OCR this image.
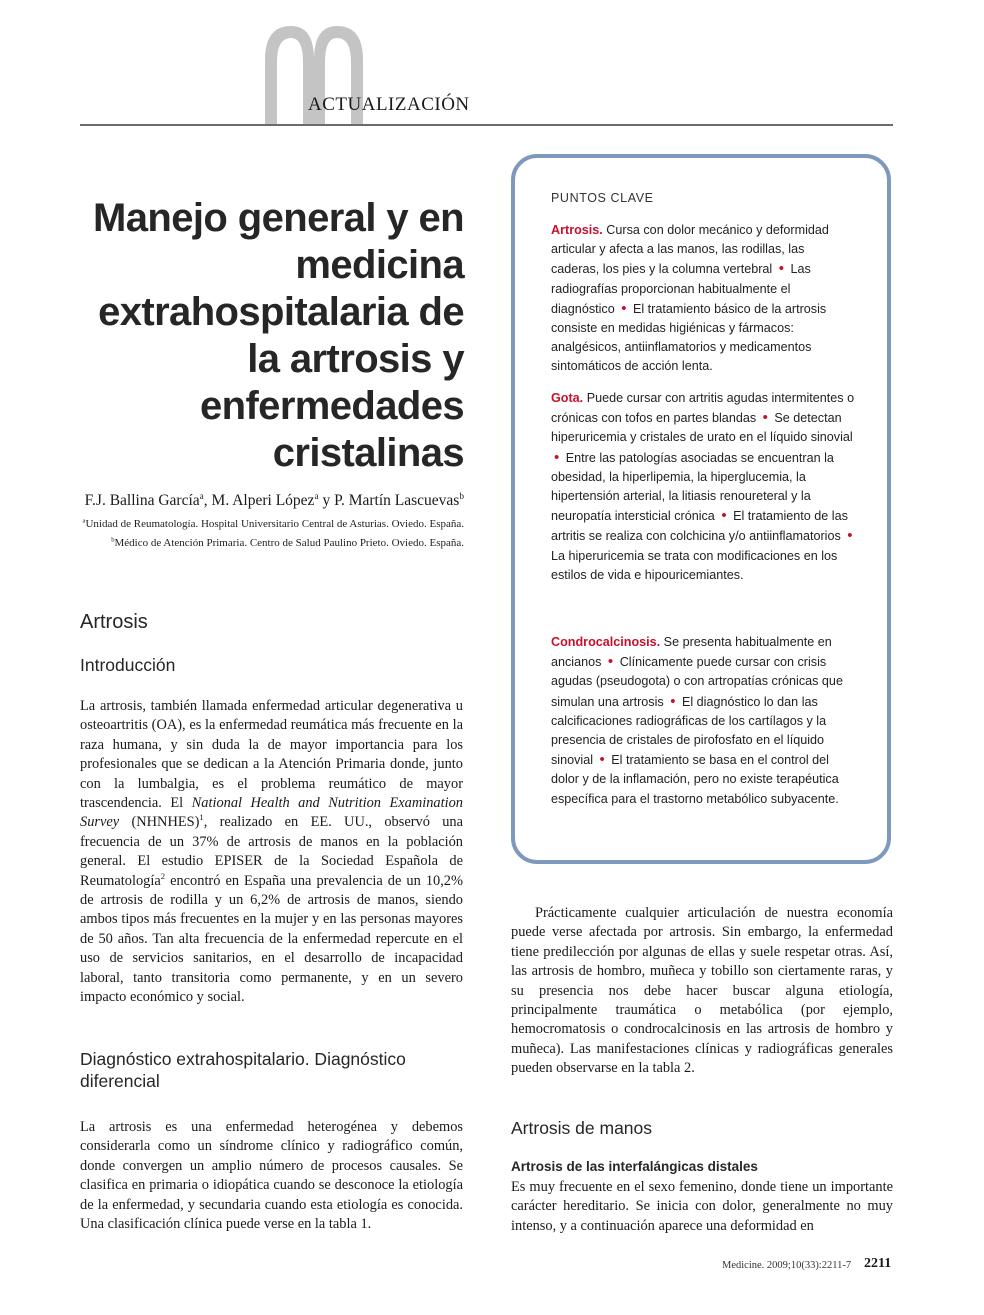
ACTUALIZACIÓN
Manejo general y en medicina extrahospitalaria de la artrosis y enfermedades cristalinas
F.J. Ballina García$^a$, M. Alperi López$^a$ y P. Martín Lascuevas$^b$
$^a$Unidad de Reumatología. Hospital Universitario Central de Asturias. Oviedo. España.
$^b$Médico de Atención Primaria. Centro de Salud Paulino Prieto. Oviedo. España.
Artrosis
Introducción
La artrosis, también llamada enfermedad articular degenerativa u osteoartritis (OA), es la enfermedad reumática más frecuente en la raza humana, y sin duda la de mayor importancia para los profesionales que se dedican a la Atención Primaria donde, junto con la lumbalgia, es el problema reumático de mayor trascendencia. El National Health and Nutrition Examination Survey (NHNHES)$^1$, realizado en EE. UU., observó una frecuencia de un 37% de artrosis de manos en la población general. El estudio EPISER de la Sociedad Española de Reumatología$^2$ encontró en España una prevalencia de un 10,2% de artrosis de rodilla y un 6,2% de artrosis de manos, siendo ambos tipos más frecuentes en la mujer y en las personas mayores de 50 años. Tan alta frecuencia de la enfermedad repercute en el uso de servicios sanitarios, en el desarrollo de incapacidad laboral, tanto transitoria como permanente, y en un severo impacto económico y social.
Diagnóstico extrahospitalario. Diagnóstico diferencial
La artrosis es una enfermedad heterogénea y debemos considerarla como un síndrome clínico y radiográfico común, donde convergen un amplio número de procesos causales. Se clasifica en primaria o idiopática cuando se desconoce la etiología de la enfermedad, y secundaria cuando esta etiología es conocida. Una clasificación clínica puede verse en la tabla 1.
PUNTOS CLAVE
Artrosis. Cursa con dolor mecánico y deformidad articular y afecta a las manos, las rodillas, las caderas, los pies y la columna vertebral • Las radiografías proporcionan habitualmente el diagnóstico • El tratamiento básico de la artrosis consiste en medidas higiénicas y fármacos: analgésicos, antiinflamatorios y medicamentos sintomáticos de acción lenta.
Gota. Puede cursar con artritis agudas intermitentes o crónicas con tofos en partes blandas • Se detectan hiperuricemia y cristales de urato en el líquido sinovial • Entre las patologías asociadas se encuentran la obesidad, la hiperlipemia, la hiperglucemia, la hipertensión arterial, la litiasis renoureteral y la neuropatía intersticial crónica • El tratamiento de las artritis se realiza con colchicina y/o antiinflamatorios • La hiperuricemia se trata con modificaciones en los estilos de vida e hipouricemiantes.
Condrocalcinosis. Se presenta habitualmente en ancianos • Clínicamente puede cursar con crisis agudas (pseudogota) o con artropatías crónicas que simulan una artrosis • El diagnóstico lo dan las calcificaciones radiográficas de los cartílagos y la presencia de cristales de pirofosfato en el líquido sinovial • El tratamiento se basa en el control del dolor y de la inflamación, pero no existe terapéutica específica para el trastorno metabólico subyacente.

Prácticamente cualquier articulación de nuestra economía puede verse afectada por artrosis. Sin embargo, la enfermedad tiene predilección por algunas de ellas y suele respetar otras. Así, las artrosis de hombro, muñeca y tobillo son ciertamente raras, y su presencia nos debe hacer buscar alguna etiología, principalmente traumática o metabólica (por ejemplo, hemocromatosis o condrocalcinosis en las artrosis de hombro y muñeca). Las manifestaciones clínicas y radiográficas generales pueden observarse en la tabla 2.

Artrosis de manos
Artrosis de las interfalángicas distales
Es muy frecuente en el sexo femenino, donde tiene un importante carácter hereditario. Se inicia con dolor, generalmente no muy intenso, y a continuación aparece una deformidad en
Medicine. 2009;10(33):2211-7 2211
